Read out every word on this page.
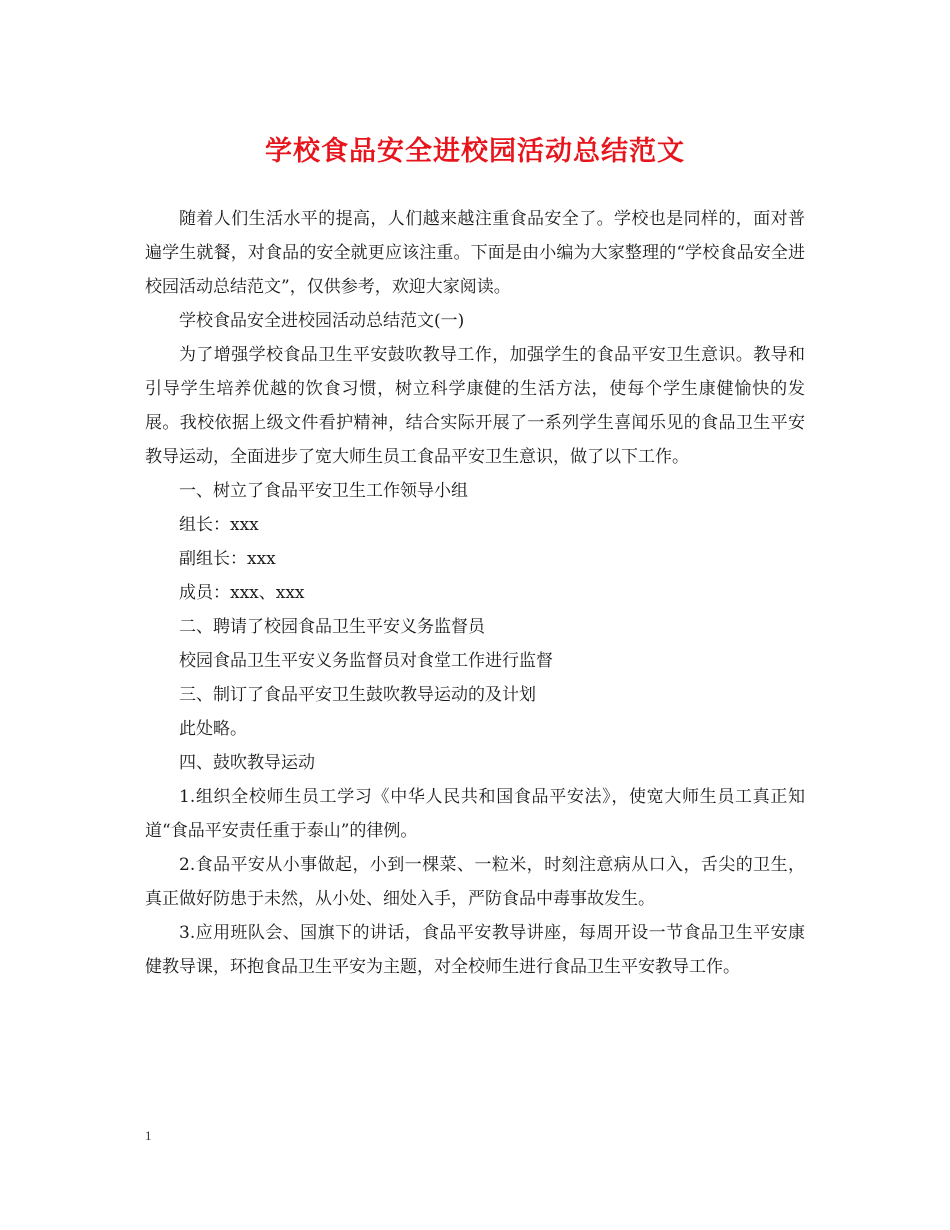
学校食品安全进校园活动总结范文

随着人们生活水平的提高，人们越来越注重食品安全了。学校也是同样的，面对普遍学生就餐，对食品的安全就更应该注重。下面是由小编为大家整理的“学校食品安全进校园活动总结范文”，仅供参考，欢迎大家阅读。

学校食品安全进校园活动总结范文(一)

为了增强学校食品卫生平安鼓吹教导工作，加强学生的食品平安卫生意识。教导和引导学生培养优越的饮食习惯，树立科学康健的生活方法，使每个学生康健愉快的发展。我校依据上级文件看护精神，结合实际开展了一系列学生喜闻乐见的食品卫生平安教导运动，全面进步了宽大师生员工食品平安卫生意识，做了以下工作。

一、树立了食品平安卫生工作领导小组

组长：xxx

副组长：xxx

成员：xxx、xxx

二、聘请了校园食品卫生平安义务监督员

校园食品卫生平安义务监督员对食堂工作进行监督

三、制订了食品平安卫生鼓吹教导运动的及计划

此处略。

四、鼓吹教导运动

1.组织全校师生员工学习《中华人民共和国食品平安法》，使宽大师生员工真正知道“食品平安责任重于泰山”的律例。

2.食品平安从小事做起，小到一棵菜、一粒米，时刻注意病从口入，舌尖的卫生，真正做好防患于未然，从小处、细处入手，严防食品中毒事故发生。

3.应用班队会、国旗下的讲话，食品平安教导讲座，每周开设一节食品卫生平安康健教导课，环抱食品卫生平安为主题，对全校师生进行食品卫生平安教导工作。

1
